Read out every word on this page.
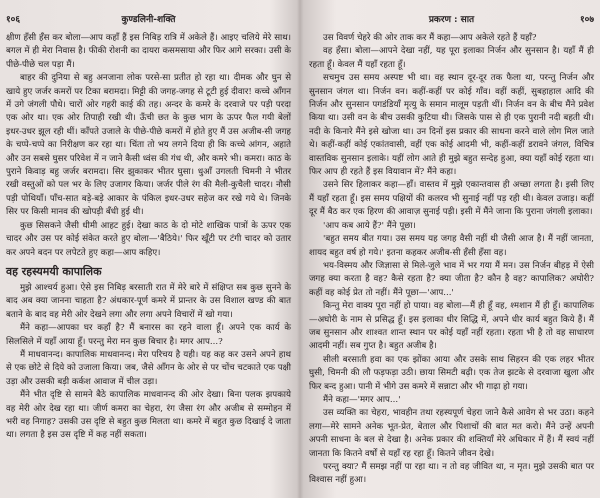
१०६	कुण्डलिनी-शक्ति

क्षीण हँसी हँस कर बोला—आप कहाँ हैं इस निबिड़ रात्रि में अकेले हैं। आइए चलिये मेरे साथ। बगल में ही मेरा निवास है। फीकी रोशनी का दायरा कसमसाया और फिर आगे सरका। उसी के पीछे-पीछे चल पड़ा मैं।

बाहर की दुनिया से बहु अनजाना लोक परसे-सा प्रतीत हो रहा था। दीमक और घुन से खाये हुए जर्जर कमरों पर टिका बरामदा। मिट्टी की जगह-जगह से टूटी हुई दीवार! कच्चे आँगन में उगे जंगली पौधे। चारों ओर गहरी काई की तह। अन्दर के कमरे के दरवाजे पर पड़ी परदा एक ओर था। एक ओर तिपाही रखी थी। ऊँची छत के कुछ भाग के ऊपर फैल गयी बेलों इधर-उधर झूल रही थीं। काँपते उजाले के पीछे-पीछे कमरों में होते हुए मैं उस अजीब-सी जगह के चप्पे-चप्पे का निरीक्षण कर रहा था। चिंता तो भय लगने दिया ही कि कच्चे आंगन, अहाते और उन सबसे घुसर परिवेश में न जाने कैसी ध्वंस की गंध थी, और कमरे भी। कमरा। काठ के पुराने किवाड़ बहु जर्जर बरामदा। सिर झुकाकर भीतर घुसा। धुआँ उगलती चिमनी ने भीतर रखी वस्तुओं को पल भर के लिए उजागर किया। जर्जर पीले रंग की मैली-कुचैली चादर। नौसी पड़ी पोथियाँ। पाँच-सात बड़े-बड़े आकार के पंकिल इधर-उधर सहेज कर रखे गये थे। जिनके सिर पर किसी मानव की खोपड़ी बँधी हुई थी।

कुछ सिसकने जैसी धीमी आहट हुई। देखा काठ के दो मोटे शाखिक पात्रों के ऊपर एक चादर और उस पर कोई संकेत करते हुए बोला—'बैठिये।' फिर खूँटी पर टंगी चादर को उतार कर अपने बदन पर लपेटते हुए कहा—आप कहिए।

वह रहस्यमयी कापालिक

मुझे आश्चर्य हुआ। ऐसे इस निबिड़ बरसाती रात में मेरे बारे में संक्षिप्त सब कुछ सुनने के बाद अब क्या जानना चाहता है? अंधकार-पूर्ण कमरे में प्रान्तर के उस विशाल खण्ड की बात बताने के बाद वह मेरी ओर देखने लगा और लगा अपने विचारों में खो गया।

मैंने कहा—आपका घर कहाँ है? मैं बनारस का रहने वाला हूँ। अपने एक कार्य के सिलसिले में यहाँ आया हूँ। परन्तु मेरा मन कुछ बिचार है। मगर आप...?

मैं माधवानन्द। कापालिक माधवानन्द। मेरा परिचय है यही। यह कह कर उसने अपने हाथ से एक छोटे से दिये को उजाला किया। जब, जैसे आँगन के ओर से पर चोंच चटकाते एक पक्षी उड़ा और उसकी बड़ी कर्कश आवाज में चील उड़ा।

मैंने भीत दृष्टि से सामने बैठे कापालिक माधवानन्द की ओर देखा। बिना पलक झपकाये वह मेरी ओर देख रहा था। जीर्ण कमरा का चेहरा, रंग जैसा रंग और अजीब से सम्मोहन में भरी वह निगाह? उसकी उस दृष्टि से बहुत कुछ मिलता था। कमरे में बहुत कुछ दिखाई दे जाता था। लगता है इस उस दृष्टि में कह नहीं सकता।

प्रकरण : सात	१०७

उस विवर्ण चेहरे की ओर ताक कर मैं कहा—आप अकेले रहते हैं यहाँ?

वह हँसा। बोला—आपने देखा नहीं, यह पूरा इलाका निर्जन और सुनसान है। यहाँ मैं ही रहता हूँ। केवल मैं यहाँ रहता हूँ।

सचमुच उस समय अस्पष्ट भी था। वह स्थान दूर-दूर तक फैला था, परन्तु निर्जन और सुनसान जंगल था। निर्जन वन। कहीं-कहीं पर कोई गाँव। वहीं कहीं, सुबहाहाल आदि की निर्जन और सुनसान पगडंडियाँ मृत्यु के समान मालूम पड़ती थीं। निर्जन वन के बीच मैंने प्रवेश किया था। उसी वन के बीच उसकी कुटिया थी। जिसके पास से ही एक पुरानी नदी बहती थी। नदी के किनारे मैंने इसे खोजा था। उन दिनों इस प्रकार की साधना करने वाले लोग मिल जाते थे। कहीं-कहीं कोई एकांतवासी, वहीं एक कोई आदमी भी, कहीं-कहीं डरावने जंगल, विचित्र वास्तविक सुनसान इलाके। यहीं लोग आते ही मुझे बहुत सन्देह हुआ, क्या यहाँ कोई रहता था। फिर आप ही रहते हैं इस वियावान में? मैंने कहा।

उसने सिर हिलाकर कहा—हाँ। वास्तव में मुझे एकान्तवास ही अच्छा लगता है। इसी लिए मैं यहाँ रहता हूँ। इस समय पक्षियों की कलरव भी सुनाई नहीं पड़ रही थी। केवल उजाड़। कहीं दूर मैं बैठ कर एक हिरण की आवाज़ सुनाई पड़ी। इसी में मैंने जाना कि पुराना जंगली इलाका।

'आप कब आये हैं?' मैंने पूछा।

'बहुत समय बीत गया। उस समय यह जगह वैसी नहीं थी जैसी आज है। मैं नहीं जानता, शायद बहुत वर्ष हो गये।' इतना कहकर अजीब-सी हँसी हँसा वह।

भय-विस्मय और जिज्ञासा से मिले-जुले भाव में भर गया मैं मन। उस निर्जन बीहड़ में ऐसी जगह क्या करता है वह? कैसे रहता है? क्या जीता है? कौन है वह? कापालिक? अघोरी? कहीं वह कोई प्रेत तो नहीं। मैंने पूछा—'आप...'

किन्तु मेरा वाक्य पूरा नहीं हो पाया। वह बोला—मैं ही हूँ वह, श्मशान मैं ही हूँ। कापालिक—अघोरी के नाम से प्रसिद्ध हूँ। इस इलाका धीर सिद्धि में, अपने धीर कार्य बहुत किये हैं। मैं जब सुनसान और शाश्वत शान्त स्थान पर कोई यहाँ नहीं रहता। रहता भी है तो वह साधारण आदमी नहीं। सब गुप्त है। बहुत अजीब है।

सीली बरसाती हवा का एक झोंका आया और उसके साथ सिहरन की एक लहर भीतर घुसी, चिमनी की लौ फड़फड़ा उठी। छाया सिमटी बढ़ी। एक तेज झटके से दरवाजा खुला और फिर बन्द हुआ। पानी में भीगे उस कमरे में सन्नाटा और भी गाढ़ा हो गया।

मैंने कहा—'मगर आप...'

उस व्यक्ति का चेहरा, भावहीन तथा रहस्यपूर्ण चेहरा जाने कैसे आवेग से भर उठा। कहने लगा—मेरे सामने अनेक भूत-प्रेत, बेताल और पिशाचों की बात मत करो। मैंने उन्हें अपनी अपनी साधना के बल से देखा है। अनेक प्रकार की शक्तियाँ मेरे अधिकार में हैं। मैं स्वयं नहीं जानता कि कितने वर्षों से यहाँ रह रहा हूँ। कितने जीवन देखे।

परन्तु क्या? मैं समझ नहीं पा रहा था। न तो वह जीवित था, न मृत। मुझे उसकी बात पर विश्वास नहीं हुआ।
